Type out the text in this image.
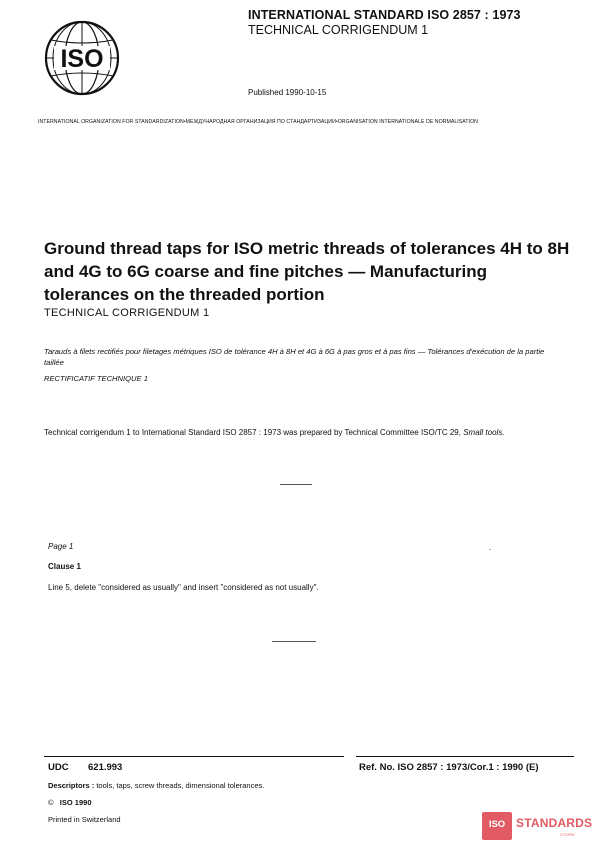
ISO
INTERNATIONAL STANDARD ISO 2857 : 1973
TECHNICAL CORRIGENDUM 1
Published 1990-10-15
INTERNATIONAL ORGANIZATION FOR STANDARDIZATION•МЕЖДУНАРОДНАЯ ОРГАНИЗАЦИЯ ПО СТАНДАРТИЗАЦИИ•ORGANISATION INTERNATIONALE DE NORMALISATION
Ground thread taps for ISO metric threads of tolerances 4H to 8H and 4G to 6G coarse and fine pitches — Manufacturing tolerances on the threaded portion
TECHNICAL CORRIGENDUM 1
Tarauds à filets rectifiés pour filetages métriques ISO de tolérance 4H à 8H et 4G à 6G à pas gros et à pas fins — Tolérances d'exécution de la partie taillée
RECTIFICATIF TECHNIQUE 1
Technical corrigendum 1 to International Standard ISO 2857 : 1973 was prepared by Technical Committee ISO/TC 29, Small tools.
Page 1	.
Clause 1
Line 5, delete "considered as usually" and insert "considered as not usually".
UDC 621.993	Ref. No. ISO 2857 : 1973/Cor.1 : 1990 (E)
Descriptors : tools, taps, screw threads, dimensional tolerances.
© ISO 1990
Printed in Switzerland	ISO STANDARDS
STORE
